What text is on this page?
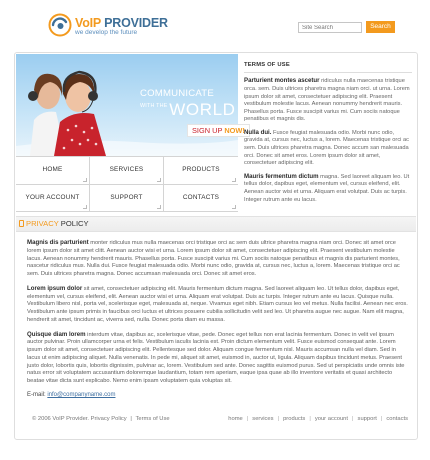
VoIP PROVIDER
we develop the future
Site Search
Search
COMMUNICATE
WITH THE WORLD
SIGN UP NOW!
HOME	SERVICES	PRODUCTS
YOUR ACCOUNT	SUPPORT	CONTACTS
TERMS OF USE

Parturient montes ascetur ridiculus nulla maecenas tristique orca. sem. Duis ultrices pharetra magna niam orci. ut urna. Lorem ipsum dolor sit amet, consectetuer adipiscing elit. Praesent vestibulum molestie lacus. Aenean nonummy hendrerit mauris. Phasellus porta. Fusce suscipit varius mi. Cum sociis natoque penatibus et magnis dis.

Nulla dui. Fusce feugiat malesuada odio. Morbi nunc odio, gravida at, cursus nec, luctus a, lorem. Maecenas tristique orci ac sem. Duis ultrices pharetra magna. Donec accum san malesuada orci. Donec sit amet eros. Lorem ipsum dolor sit amet, consectetuer adipiscing elit.

Mauris fermentum dictum magna. Sed laoreet aliquam leo. Ut tellus dolor, dapibus eget, elementum vel, cursus eleifend, elit. Aenean auctor wisi et urna. Aliquam erat volutpat. Duis ac turpis. Integer rutrum ante eu lacus.

PRIVACY POLICY

Magnis dis parturient monter ridiculus mus nulla maecenas orci tristique orci ac sem duis ultrice pharetra magna niam orci. Donec sit amet orce lorem ipsum dolor sit amet clitt. Aenean auctor wisi et urna. Lorem ipsum dolor sit amet, consectetuer adipiscing elit. Praesent vestibulum molestie lacus. Aenean nonummy hendrerit mauris. Phasellus porta. Fusce suscipit varius mi. Cum sociis natoque penatibus et magnis dis parturient montes, nascetur ridiculus mus. Nulla dui. Fusce feugiat malesuada odio. Morbi nunc odio, gravida at, cursus nec, luctus a, lorem. Maecenas tristique orci ac sem. Duis ultrices pharetra magna. Donec accumsan malesuada orci. Donec sit amet eros.

Lorem ipsum dolor sit amet, consectetuer adipiscing elit. Mauris fermentum dictum magna. Sed laoreet aliquam leo. Ut tellus dolor, dapibus eget, elementum vel, cursus eleifend, elit. Aenean auctor wisi et urna. Aliquam erat volutpat. Duis ac turpis. Integer rutrum ante eu lacus. Quisque nulla. Vestibulum libero nisl, porta vel, scelerisque eget, malesuada at, neque. Vivamus eget nibh. Etiam cursus leo vel metus. Nulla facilisi. Aenean nec eros. Vestibulum ante ipsum primis in faucibus orci luctus et ultrices posuere cubilia sollicitudin velit sed leo. Ut pharetra augue nec augue. Nam elit magna, hendrerit sit amet, tincidunt ac, viverra sed, nulla. Donec porta diam eu massa.

Quisque diam lorem interdum vitae, dapibus ac, scelerisque vitae, pede. Donec eget tellus non erat lacinia fermentum. Donec in velit vel ipsum auctor pulvinar. Proin ullamcorper urna et felis. Vestibulum iaculis lacinia est. Proin dictum elementum velit. Fusce euismod consequat ante. Lorem ipsum dolor sit amet, consectetuer adipiscing elit. Pellentesque sed dolor. Aliquam congue fermentum nisl. Mauris accumsan nulla vel diam. Sed in lacus ut enim adipiscing aliquet. Nulla venenatis. In pede mi, aliquet sit amet, euismod in, auctor ut, ligula. Aliquam dapibus tincidunt metus. Praesent justo dolor, lobortis quis, lobortis dignissim, pulvinar ac, lorem. Vestibulum sed ante. Donec sagittis euismod purus. Sed ut perspiciatis unde omnis iste natus error sit voluptatem accusantium doloremque laudantium, totam rem aperiam, eaque ipsa quae ab illo inventore veritatis et quasi architecto beatae vitae dicta sunt explicabo. Nemo enim ipsam voluptatem quia voluptas sit.

E-mail: info@companyname.com
© 2006 VoIP Provider. Privacy Policy | Terms of Use	home | services | products | your account | support | contacts
